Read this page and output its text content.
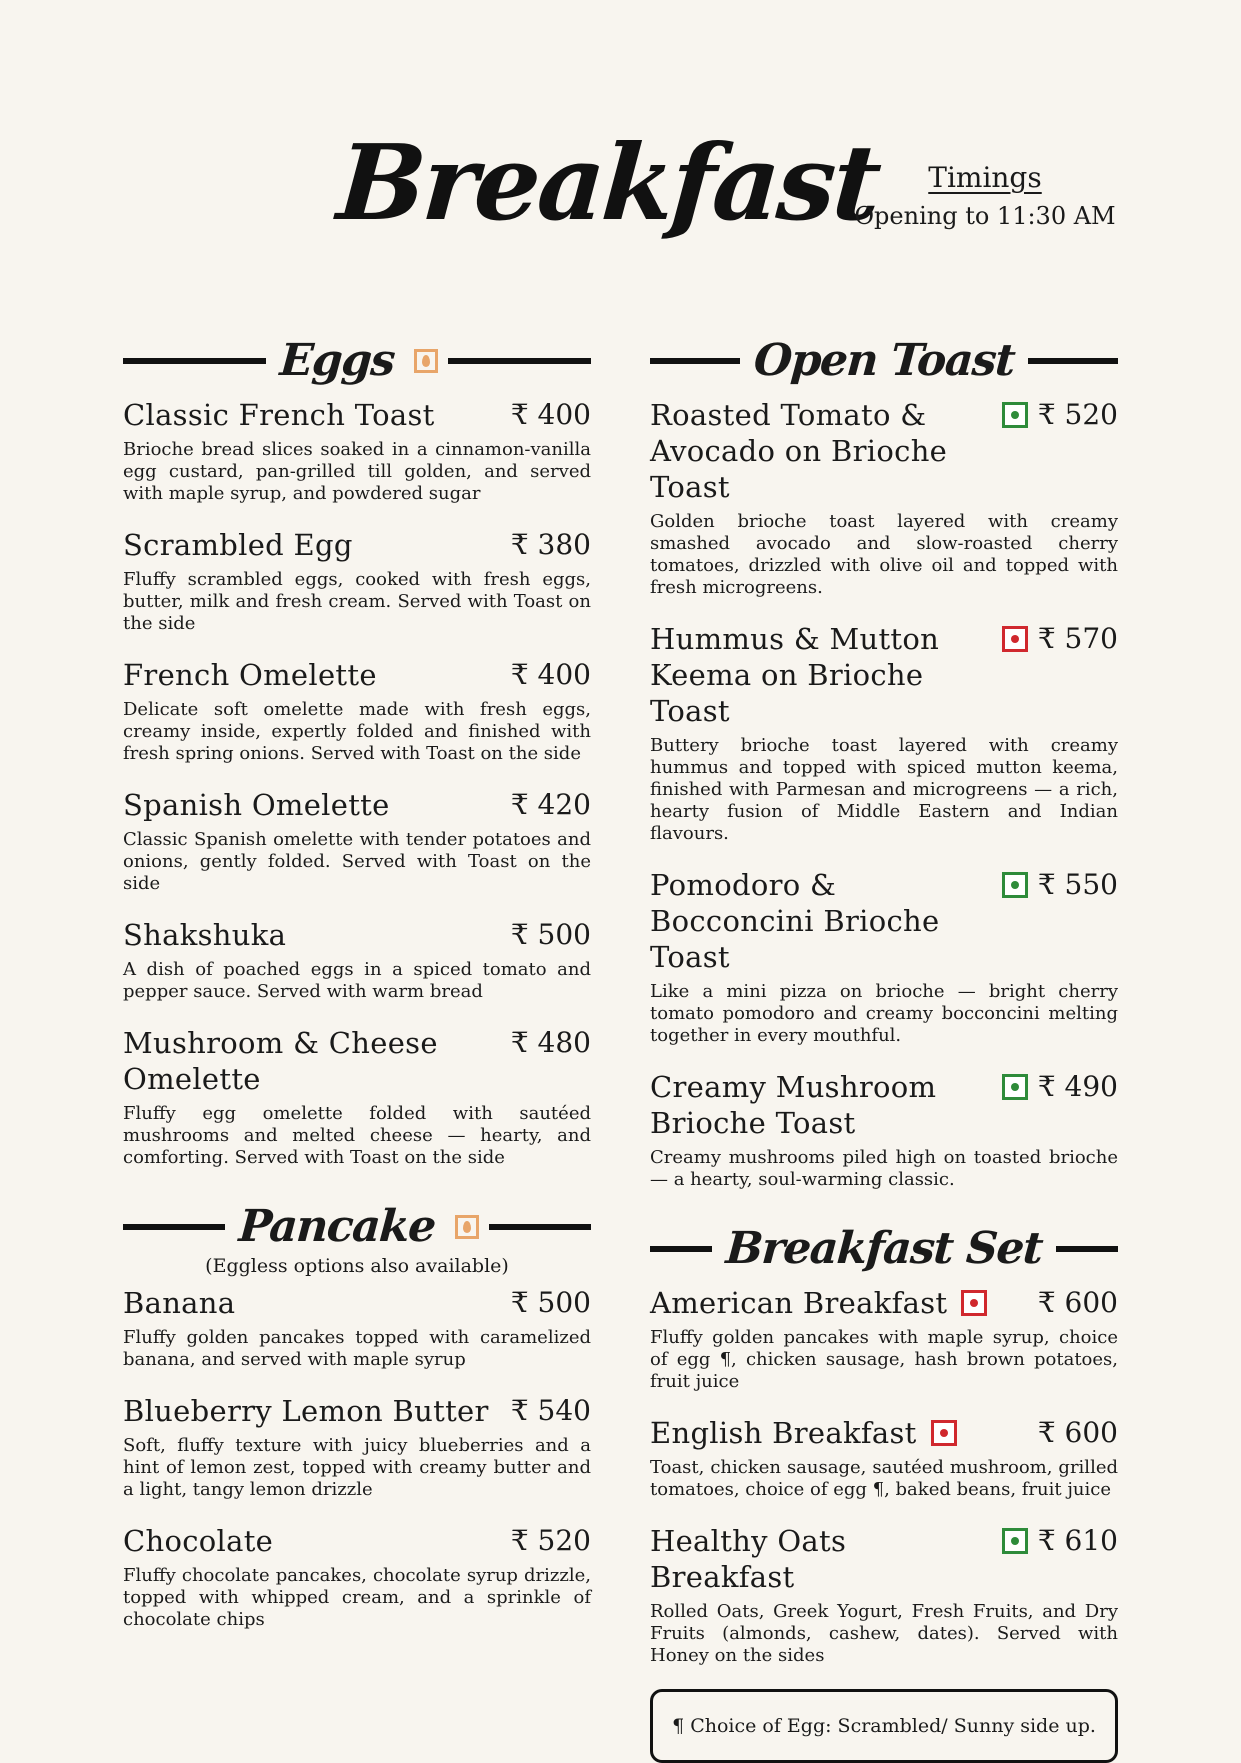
Breakfast	Timings
Opening to 11:30 AM
Eggs
Classic French Toast	₹ 400
Brioche bread slices soaked in a cinnamon-vanilla egg custard, pan-grilled till golden, and served with maple syrup, and powdered sugar
Scrambled Egg	₹ 380
Fluffy scrambled eggs, cooked with fresh eggs, butter, milk and fresh cream. Served with Toast on the side
French Omelette	₹ 400
Delicate soft omelette made with fresh eggs, creamy inside, expertly folded and finished with fresh spring onions. Served with Toast on the side
Spanish Omelette	₹ 420
Classic Spanish omelette with tender potatoes and onions, gently folded. Served with Toast on the side
Shakshuka	₹ 500
A dish of poached eggs in a spiced tomato and pepper sauce. Served with warm bread
Mushroom & Cheese Omelette
₹ 480
Fluffy egg omelette folded with sautéed mushrooms and melted cheese — hearty, and comforting. Served with Toast on the side
Pancake
(Eggless options also available)
Banana	₹ 500
Fluffy golden pancakes topped with caramelized banana, and served with maple syrup
Blueberry Lemon Butter ₹ 540
Soft, fluffy texture with juicy blueberries and a hint of lemon zest, topped with creamy butter and a light, tangy lemon drizzle
Chocolate	₹ 520
Fluffy chocolate pancakes, chocolate syrup drizzle, topped with whipped cream, and a sprinkle of chocolate chips
Open Toast
Roasted Tomato & Avocado on Brioche Toast
₹ 520
Golden brioche toast layered with creamy smashed avocado and slow-roasted cherry tomatoes, drizzled with olive oil and topped with fresh microgreens.
Hummus & Mutton Keema on Brioche Toast
₹ 570
Buttery brioche toast layered with creamy hummus and topped with spiced mutton keema, finished with Parmesan and microgreens — a rich, hearty fusion of Middle Eastern and Indian flavours.
Pomodoro & Bocconcini Brioche Toast
₹ 550
Like a mini pizza on brioche — bright cherry tomato pomodoro and creamy bocconcini melting together in every mouthful.
Creamy Mushroom Brioche Toast
₹ 490
Creamy mushrooms piled high on toasted brioche — a hearty, soul-warming classic.
Breakfast Set
American Breakfast	₹ 600
Fluffy golden pancakes with maple syrup, choice of egg ¶, chicken sausage, hash brown potatoes, fruit juice
English Breakfast	₹ 600
Toast, chicken sausage, sautéed mushroom, grilled tomatoes, choice of egg ¶, baked beans, fruit juice
Healthy Oats Breakfast
₹ 610
Rolled Oats, Greek Yogurt, Fresh Fruits, and Dry Fruits (almonds, cashew, dates). Served with Honey on the sides
¶ Choice of Egg: Scrambled/ Sunny side up.
